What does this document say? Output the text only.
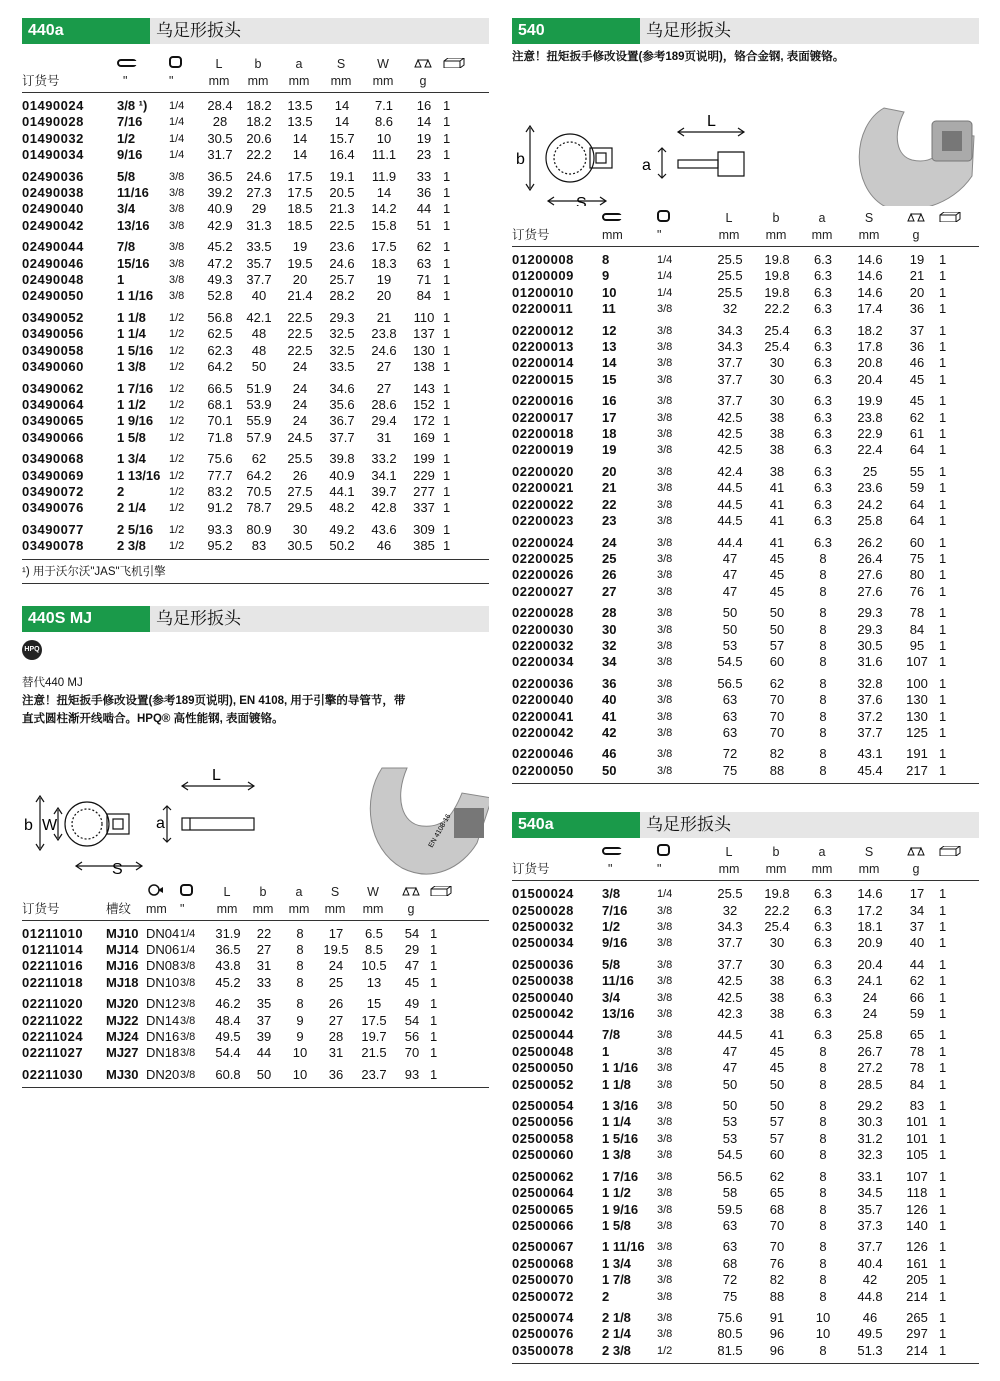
440a	乌足形扳头
			L	b	a	S	W		
订货号	"	"	mm	mm	mm	mm	mm	g	
01490024	3/8 ¹)	1/4	28.4	18.2	13.5	14	7.1	16	1
01490028	7/16	1/4	28	18.2	13.5	14	8.6	14	1
01490032	1/2	1/4	30.5	20.6	14	15.7	10	19	1
01490034	9/16	1/4	31.7	22.2	14	16.4	11.1	23	1
02490036	5/8	3/8	36.5	24.6	17.5	19.1	11.9	33	1
02490038	11/16	3/8	39.2	27.3	17.5	20.5	14	36	1
02490040	3/4	3/8	40.9	29	18.5	21.3	14.2	44	1
02490042	13/16	3/8	42.9	31.3	18.5	22.5	15.8	51	1
02490044	7/8	3/8	45.2	33.5	19	23.6	17.5	62	1
02490046	15/16	3/8	47.2	35.7	19.5	24.6	18.3	63	1
02490048	1	3/8	49.3	37.7	20	25.7	19	71	1
02490050	1 1/16	3/8	52.8	40	21.4	28.2	20	84	1
03490052	1 1/8	1/2	56.8	42.1	22.5	29.3	21	110	1
03490056	1 1/4	1/2	62.5	48	22.5	32.5	23.8	137	1
03490058	1 5/16	1/2	62.3	48	22.5	32.5	24.6	130	1
03490060	1 3/8	1/2	64.2	50	24	33.5	27	138	1
03490062	1 7/16	1/2	66.5	51.9	24	34.6	27	143	1
03490064	1 1/2	1/2	68.1	53.9	24	35.6	28.6	152	1
03490065	1 9/16	1/2	70.1	55.9	24	36.7	29.4	172	1
03490066	1 5/8	1/2	71.8	57.9	24.5	37.7	31	169	1
03490068	1 3/4	1/2	75.6	62	25.5	39.8	33.2	199	1
03490069	1 13/16	1/2	77.7	64.2	26	40.9	34.1	229	1
03490072	2	1/2	83.2	70.5	27.5	44.1	39.7	277	1
03490076	2 1/4	1/2	91.2	78.7	29.5	48.2	42.8	337	1
03490077	2 5/16	1/2	93.3	80.9	30	49.2	43.6	309	1
03490078	2 3/8	1/2	95.2	83	30.5	50.2	46	385	1
¹) 用于沃尔沃"JAS"飞机引擎
440S MJ	乌足形扳头
HPQ
替代440 MJ
注意！扭矩扳手修改设置(参考189页说明), EN 4108, 用于引擎的导管节，带
直式圆柱渐开线啮合。HPQ® 高性能钢, 表面镀铬。
b W
S
L
a	EN 4108-16
				L	b	a	S	W		
订货号	槽纹	mm	"	mm	mm	mm	mm	mm	g	
01211010	MJ10	DN04	1/4	31.9	22	8	17	6.5	54	1
01211014	MJ14	DN06	1/4	36.5	27	8	19.5	8.5	29	1
02211016	MJ16	DN08	3/8	43.8	31	8	24	10.5	47	1
02211018	MJ18	DN10	3/8	45.2	33	8	25	13	45	1
02211020	MJ20	DN12	3/8	46.2	35	8	26	15	49	1
02211022	MJ22	DN14	3/8	48.4	37	9	27	17.5	54	1
02211024	MJ24	DN16	3/8	49.5	39	9	28	19.7	56	1
02211027	MJ27	DN18	3/8	54.4	44	10	31	21.5	70	1
02211030	MJ30	DN20	3/8	60.8	50	10	36	23.7	93	1
540	乌足形扳头
注意！扭矩扳手修改设置(参考189页说明)，铬合金钢, 表面镀铬。
b
S
L
a
			L	b	a	S		
订货号	mm	"	mm	mm	mm	mm	g	
01200008	8	1/4	25.5	19.8	6.3	14.6	19	1
01200009	9	1/4	25.5	19.8	6.3	14.6	21	1
01200010	10	1/4	25.5	19.8	6.3	14.6	20	1
02200011	11	3/8	32	22.2	6.3	17.4	36	1
02200012	12	3/8	34.3	25.4	6.3	18.2	37	1
02200013	13	3/8	34.3	25.4	6.3	17.8	36	1
02200014	14	3/8	37.7	30	6.3	20.8	46	1
02200015	15	3/8	37.7	30	6.3	20.4	45	1
02200016	16	3/8	37.7	30	6.3	19.9	45	1
02200017	17	3/8	42.5	38	6.3	23.8	62	1
02200018	18	3/8	42.5	38	6.3	22.9	61	1
02200019	19	3/8	42.5	38	6.3	22.4	64	1
02200020	20	3/8	42.4	38	6.3	25	55	1
02200021	21	3/8	44.5	41	6.3	23.6	59	1
02200022	22	3/8	44.5	41	6.3	24.2	64	1
02200023	23	3/8	44.5	41	6.3	25.8	64	1
02200024	24	3/8	44.4	41	6.3	26.2	60	1
02200025	25	3/8	47	45	8	26.4	75	1
02200026	26	3/8	47	45	8	27.6	80	1
02200027	27	3/8	47	45	8	27.6	76	1
02200028	28	3/8	50	50	8	29.3	78	1
02200030	30	3/8	50	50	8	29.3	84	1
02200032	32	3/8	53	57	8	30.5	95	1
02200034	34	3/8	54.5	60	8	31.6	107	1
02200036	36	3/8	56.5	62	8	32.8	100	1
02200040	40	3/8	63	70	8	37.6	130	1
02200041	41	3/8	63	70	8	37.2	130	1
02200042	42	3/8	63	70	8	37.7	125	1
02200046	46	3/8	72	82	8	43.1	191	1
02200050	50	3/8	75	88	8	45.4	217	1
540a	乌足形扳头
			L	b	a	S		
订货号	"	"	mm	mm	mm	mm	g	
01500024	3/8	1/4	25.5	19.8	6.3	14.6	17	1
02500028	7/16	3/8	32	22.2	6.3	17.2	34	1
02500032	1/2	3/8	34.3	25.4	6.3	18.1	37	1
02500034	9/16	3/8	37.7	30	6.3	20.9	40	1
02500036	5/8	3/8	37.7	30	6.3	20.4	44	1
02500038	11/16	3/8	42.5	38	6.3	24.1	62	1
02500040	3/4	3/8	42.5	38	6.3	24	66	1
02500042	13/16	3/8	42.3	38	6.3	24	59	1
02500044	7/8	3/8	44.5	41	6.3	25.8	65	1
02500048	1	3/8	47	45	8	26.7	78	1
02500050	1 1/16	3/8	47	45	8	27.2	78	1
02500052	1 1/8	3/8	50	50	8	28.5	84	1
02500054	1 3/16	3/8	50	50	8	29.2	83	1
02500056	1 1/4	3/8	53	57	8	30.3	101	1
02500058	1 5/16	3/8	53	57	8	31.2	101	1
02500060	1 3/8	3/8	54.5	60	8	32.3	105	1
02500062	1 7/16	3/8	56.5	62	8	33.1	107	1
02500064	1 1/2	3/8	58	65	8	34.5	118	1
02500065	1 9/16	3/8	59.5	68	8	35.7	126	1
02500066	1 5/8	3/8	63	70	8	37.3	140	1
02500067	1 11/16	3/8	63	70	8	37.7	126	1
02500068	1 3/4	3/8	68	76	8	40.4	161	1
02500070	1 7/8	3/8	72	82	8	42	205	1
02500072	2	3/8	75	88	8	44.8	214	1
02500074	2 1/8	3/8	75.6	91	10	46	265	1
02500076	2 1/4	3/8	80.5	96	10	49.5	297	1
03500078	2 3/8	1/2	81.5	96	8	51.3	214	1
